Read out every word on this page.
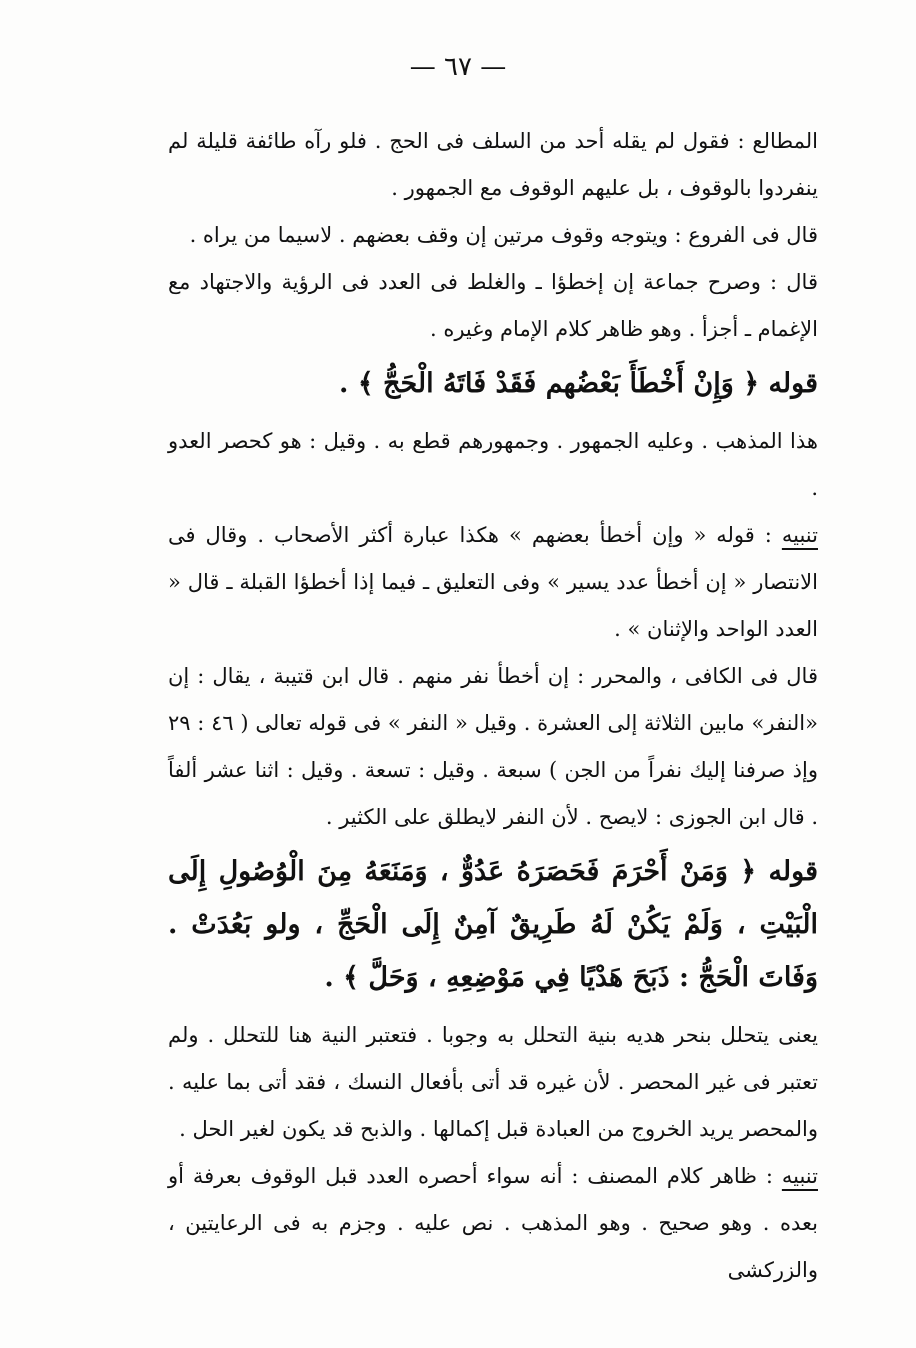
— ٦٧ —

المطالع : فقول لم يقله أحد من السلف فى الحج . فلو رآه طائفة قليلة لم ينفردوا بالوقوف ، بل عليهم الوقوف مع الجمهور .

قال فى الفروع : ويتوجه وقوف مرتين إن وقف بعضهم . لاسيما من يراه .

قال : وصرح جماعة إن إخطؤا ـ والغلط فى العدد فى الرؤية والاجتهاد مع الإغمام ـ أجزأ . وهو ظاهر كلام الإمام وغيره .

قوله ﴿ وَإِنْ أَخْطَأَ بَعْضُهم فَقَدْ فَاتَهُ الْحَجُّ ﴾ .

هذا المذهب . وعليه الجمهور . وجمهورهم قطع به . وقيل : هو كحصر العدو .

تنبيه : قوله « وإن أخطأ بعضهم » هكذا عبارة أكثر الأصحاب . وقال فى الانتصار « إن أخطأ عدد يسير » وفى التعليق ـ فيما إذا أخطؤا القبلة ـ قال « العدد الواحد والإثنان » .

قال فى الكافى ، والمحرر : إن أخطأ نفر منهم . قال ابن قتيبة ، يقال : إن «النفر» مابين الثلاثة إلى العشرة . وقيل « النفر » فى قوله تعالى ( ٤٦ : ٢٩ وإذ صرفنا إليك نفراً من الجن ) سبعة . وقيل : تسعة . وقيل : اثنا عشر ألفاً . قال ابن الجوزى : لايصح . لأن النفر لايطلق على الكثير .

قوله ﴿ وَمَنْ أَحْرَمَ فَحَصَرَهُ عَدُوٌّ ، وَمَنَعَهُ مِنَ الْوُصُولِ إِلَى الْبَيْتِ ، وَلَمْ يَكُنْ لَهُ طَرِيقٌ آمِنٌ إِلَى الْحَجِّ ، ولو بَعُدَتْ . وَفَاتَ الْحَجُّ : ذَبَحَ هَدْيًا فِي مَوْضِعِهِ ، وَحَلَّ ﴾ .

يعنى يتحلل بنحر هديه بنية التحلل به وجوبا . فتعتبر النية هنا للتحلل . ولم تعتبر فى غير المحصر . لأن غيره قد أتى بأفعال النسك ، فقد أتى بما عليه . والمحصر يريد الخروج من العبادة قبل إكمالها . والذبح قد يكون لغير الحل .

تنبيه : ظاهر كلام المصنف : أنه سواء أحصره العدد قبل الوقوف بعرفة أو بعده . وهو صحيح . وهو المذهب . نص عليه . وجزم به فى الرعايتين ، والزركشى
